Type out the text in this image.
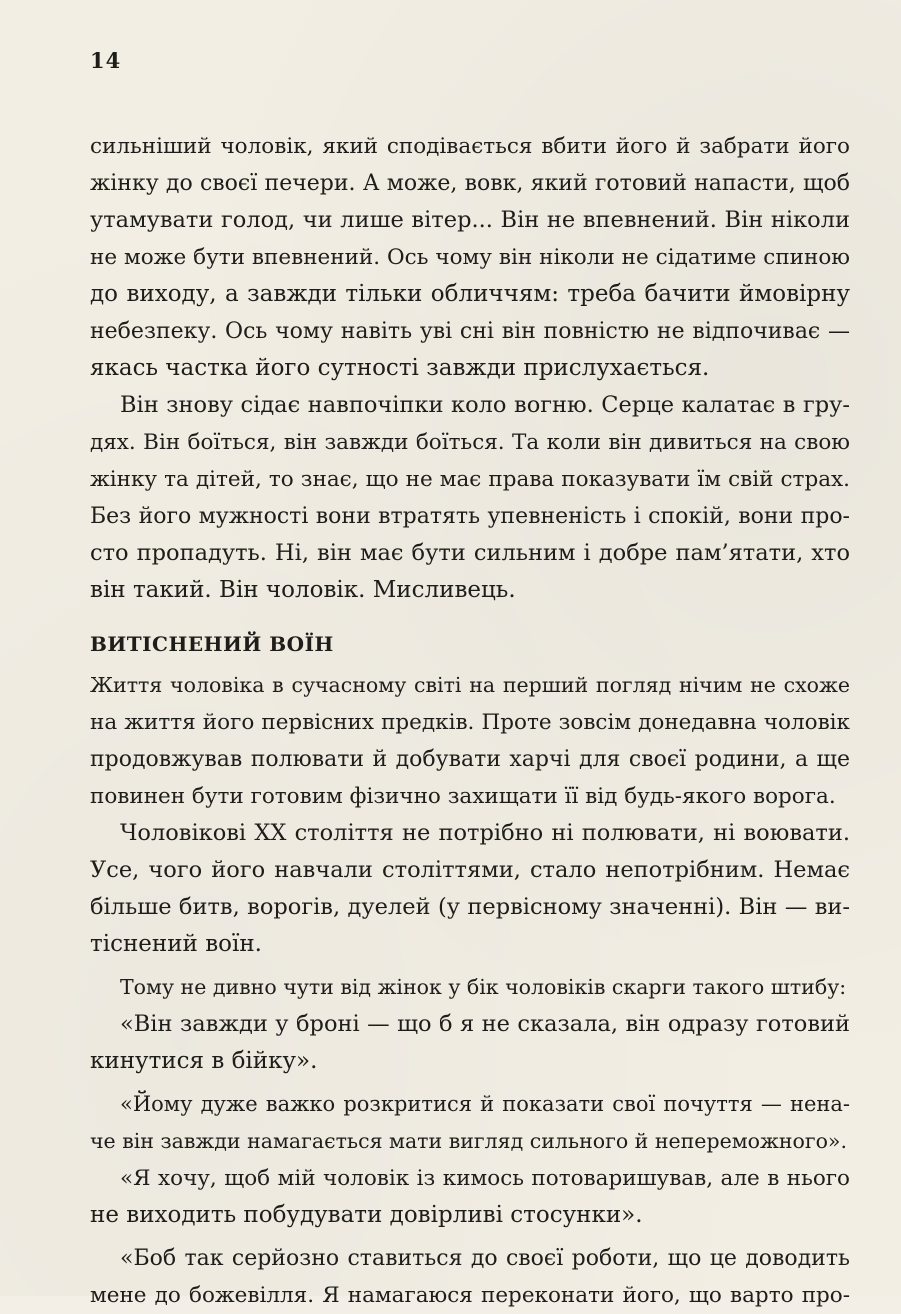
14
сильніший чоловік, який сподівається вбити його й забрати його
жінку до своєї печери. А може, вовк, який готовий напасти, щоб
утамувати голод, чи лише вітер... Він не впевнений. Він ніколи
не може бути впевнений. Ось чому він ніколи не сідатиме спиною
до виходу, а завжди тільки обличчям: треба бачити ймовірну
небезпеку. Ось чому навіть уві сні він повністю не відпочиває —
якась частка його сутності завжди прислухається.
Він знову сідає навпочіпки коло вогню. Серце калатає в гру-
дях. Він боїться, він завжди боїться. Та коли він дивиться на свою
жінку та дітей, то знає, що не має права показувати їм свій страх.
Без його мужності вони втратять упевненість і спокій, вони про-
сто пропадуть. Ні, він має бути сильним і добре пам’ятати, хто
він такий. Він чоловік. Мисливець.
ВИТІСНЕНИЙ ВОЇН
Життя чоловіка в сучасному світі на перший погляд нічим не схоже
на життя його первісних предків. Проте зовсім донедавна чоловік
продовжував полювати й добувати харчі для своєї родини, а ще
повинен бути готовим фізично захищати її від будь-якого ворога.
Чоловікові XX століття не потрібно ні полювати, ні воювати.
Усе, чого його навчали століттями, стало непотрібним. Немає
більше битв, ворогів, дуелей (у первісному значенні). Він — ви-
тіснений воїн.
Тому не дивно чути від жінок у бік чоловіків скарги такого штибу:
«Він завжди у броні — що б я не сказала, він одразу готовий
кинутися в бійку».
«Йому дуже важко розкритися й показати свої почуття — нена-
че він завжди намагається мати вигляд сильного й непереможного».
«Я хочу, щоб мій чоловік із кимось потоваришував, але в нього
не виходить побудувати довірливі стосунки».
«Боб так серйозно ставиться до своєї роботи, що це доводить
мене до божевілля. Я намагаюся переконати його, що варто про-
